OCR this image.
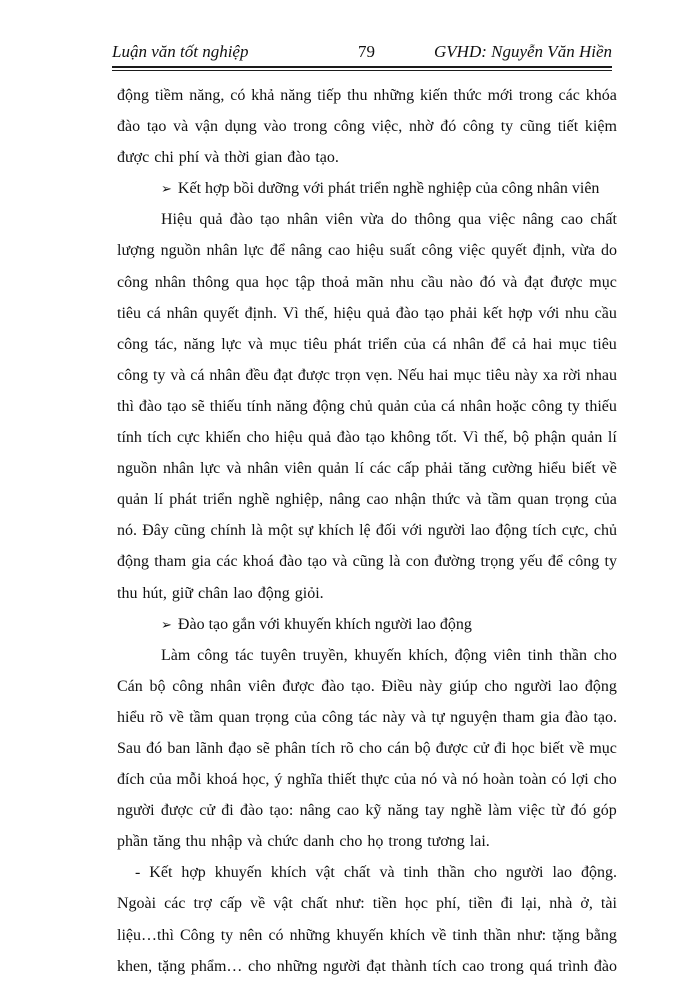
Luận văn tốt nghiệp	79	GVHD: Nguyễn Văn Hiền
động tiềm năng, có khả năng tiếp thu những kiến thức mới trong các khóa
đào tạo và vận dụng vào trong công việc, nhờ đó công ty cũng tiết kiệm
được chi phí và thời gian đào tạo.
➢ Kết hợp bồi dưỡng với phát triển nghề nghiệp của công nhân viên
Hiệu quả đào tạo nhân viên vừa do thông qua việc nâng cao chất
lượng nguồn nhân lực để nâng cao hiệu suất công việc quyết định, vừa do
công nhân thông qua học tập thoả mãn nhu cầu nào đó và đạt được mục
tiêu cá nhân quyết định. Vì thế, hiệu quả đào tạo phải kết hợp với nhu cầu
công tác, năng lực và mục tiêu phát triển của cá nhân để cả hai mục tiêu
công ty và cá nhân đều đạt được trọn vẹn. Nếu hai mục tiêu này xa rời nhau
thì đào tạo sẽ thiếu tính năng động chủ quản của cá nhân hoặc công ty thiếu
tính tích cực khiến cho hiệu quả đào tạo không tốt. Vì thế, bộ phận quản lí
nguồn nhân lực và nhân viên quản lí các cấp phải tăng cường hiểu biết về
quản lí phát triển nghề nghiệp, nâng cao nhận thức và tầm quan trọng của
nó. Đây cũng chính là một sự khích lệ đối với người lao động tích cực, chủ
động tham gia các khoá đào tạo và cũng là con đường trọng yếu để công ty
thu hút, giữ chân lao động giỏi.
➢ Đào tạo gắn với khuyến khích người lao động
Làm công tác tuyên truyền, khuyến khích, động viên tinh thần cho
Cán bộ công nhân viên được đào tạo. Điều này giúp cho người lao động
hiểu rõ về tầm quan trọng của công tác này và tự nguyện tham gia đào tạo.
Sau đó ban lãnh đạo sẽ phân tích rõ cho cán bộ được cử đi học biết về mục
đích của mỗi khoá học, ý nghĩa thiết thực của nó và nó hoàn toàn có lợi cho
người được cử đi đào tạo: nâng cao kỹ năng tay nghề làm việc từ đó góp
phần tăng thu nhập và chức danh cho họ trong tương lai.
- Kết hợp khuyến khích vật chất và tinh thần cho người lao động.
Ngoài các trợ cấp về vật chất như: tiền học phí, tiền đi lại, nhà ở, tài
liệu…thì Công ty nên có những khuyến khích về tinh thần như: tặng bằng
khen, tặng phẩm… cho những người đạt thành tích cao trong quá trình đào
